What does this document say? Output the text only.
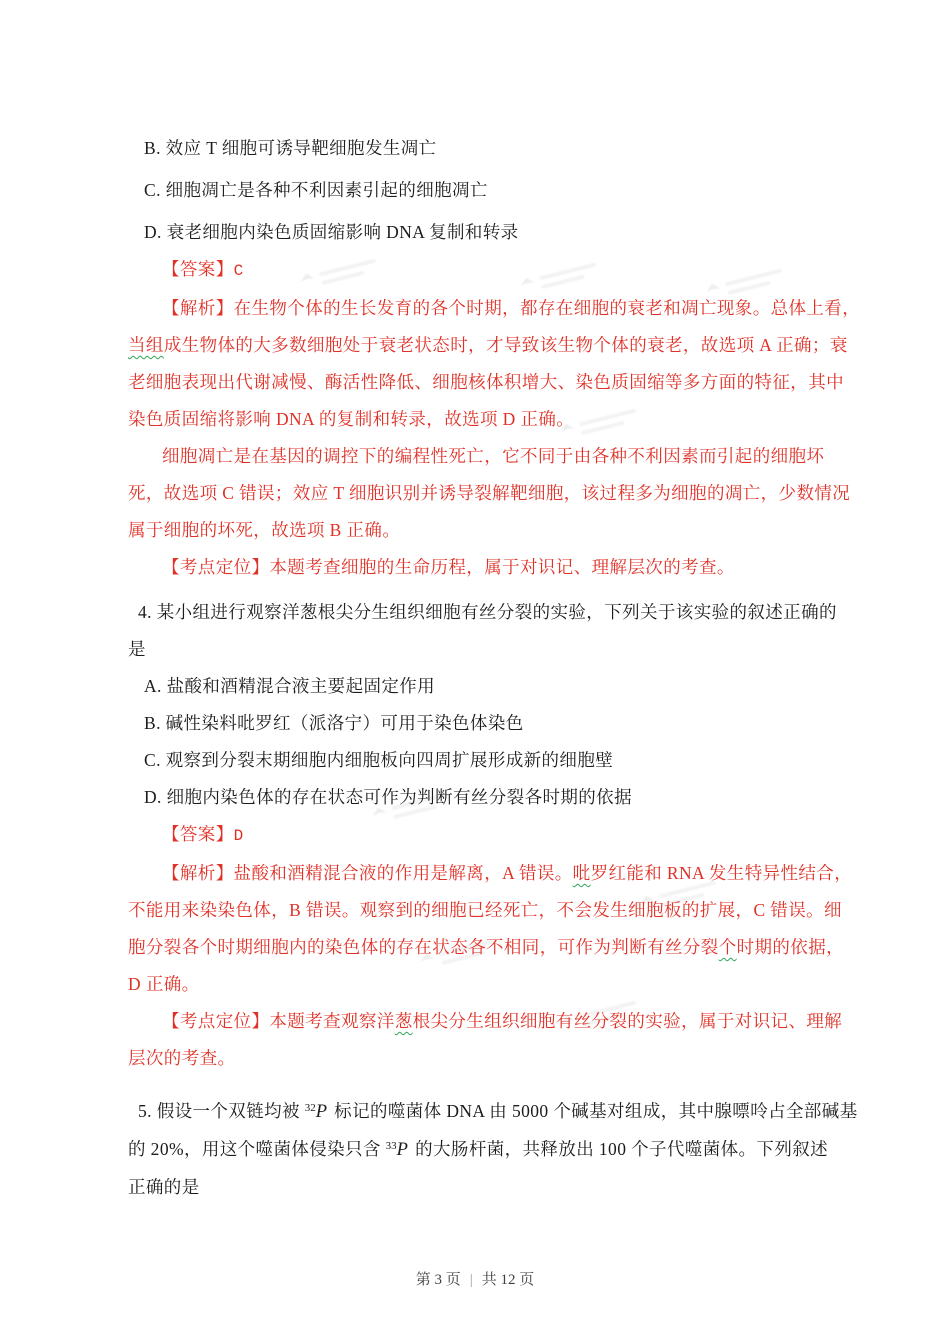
B. 效应 T 细胞可诱导靶细胞发生凋亡
C. 细胞凋亡是各种不利因素引起的细胞凋亡
D. 衰老细胞内染色质固缩影响 DNA 复制和转录
【答案】C
【解析】在生物个体的生长发育的各个时期，都存在细胞的衰老和凋亡现象。总体上看，
当组成生物体的大多数细胞处于衰老状态时，才导致该生物个体的衰老，故选项 A 正确；衰
老细胞表现出代谢减慢、酶活性降低、细胞核体积增大、染色质固缩等多方面的特征，其中
染色质固缩将影响 DNA 的复制和转录，故选项 D 正确。
细胞凋亡是在基因的调控下的编程性死亡，它不同于由各种不利因素而引起的细胞坏
死，故选项 C 错误；效应 T 细胞识别并诱导裂解靶细胞，该过程多为细胞的凋亡，少数情况
属于细胞的坏死，故选项 B 正确。
【考点定位】本题考查细胞的生命历程，属于对识记、理解层次的考查。
4. 某小组进行观察洋葱根尖分生组织细胞有丝分裂的实验，下列关于该实验的叙述正确的
是
A. 盐酸和酒精混合液主要起固定作用
B. 碱性染料吡罗红（派洛宁）可用于染色体染色
C. 观察到分裂末期细胞内细胞板向四周扩展形成新的细胞壁
D. 细胞内染色体的存在状态可作为判断有丝分裂各时期的依据
【答案】D
【解析】盐酸和酒精混合液的作用是解离，A 错误。吡罗红能和 RNA 发生特异性结合，
不能用来染染色体，B 错误。观察到的细胞已经死亡，不会发生细胞板的扩展，C 错误。细
胞分裂各个时期细胞内的染色体的存在状态各不相同，可作为判断有丝分裂个时期的依据，
D 正确。
【考点定位】本题考查观察洋葱根尖分生组织细胞有丝分裂的实验，属于对识记、理解
层次的考查。
5. 假设一个双链均被 $^{32}$P 标记的噬菌体 DNA 由 5000 个碱基对组成，其中腺嘌呤占全部碱基
的 20%，用这个噬菌体侵染只含 $^{33}$P 的大肠杆菌，共释放出 100 个子代噬菌体。下列叙述
正确的是
第 3 页 | 共 12 页
